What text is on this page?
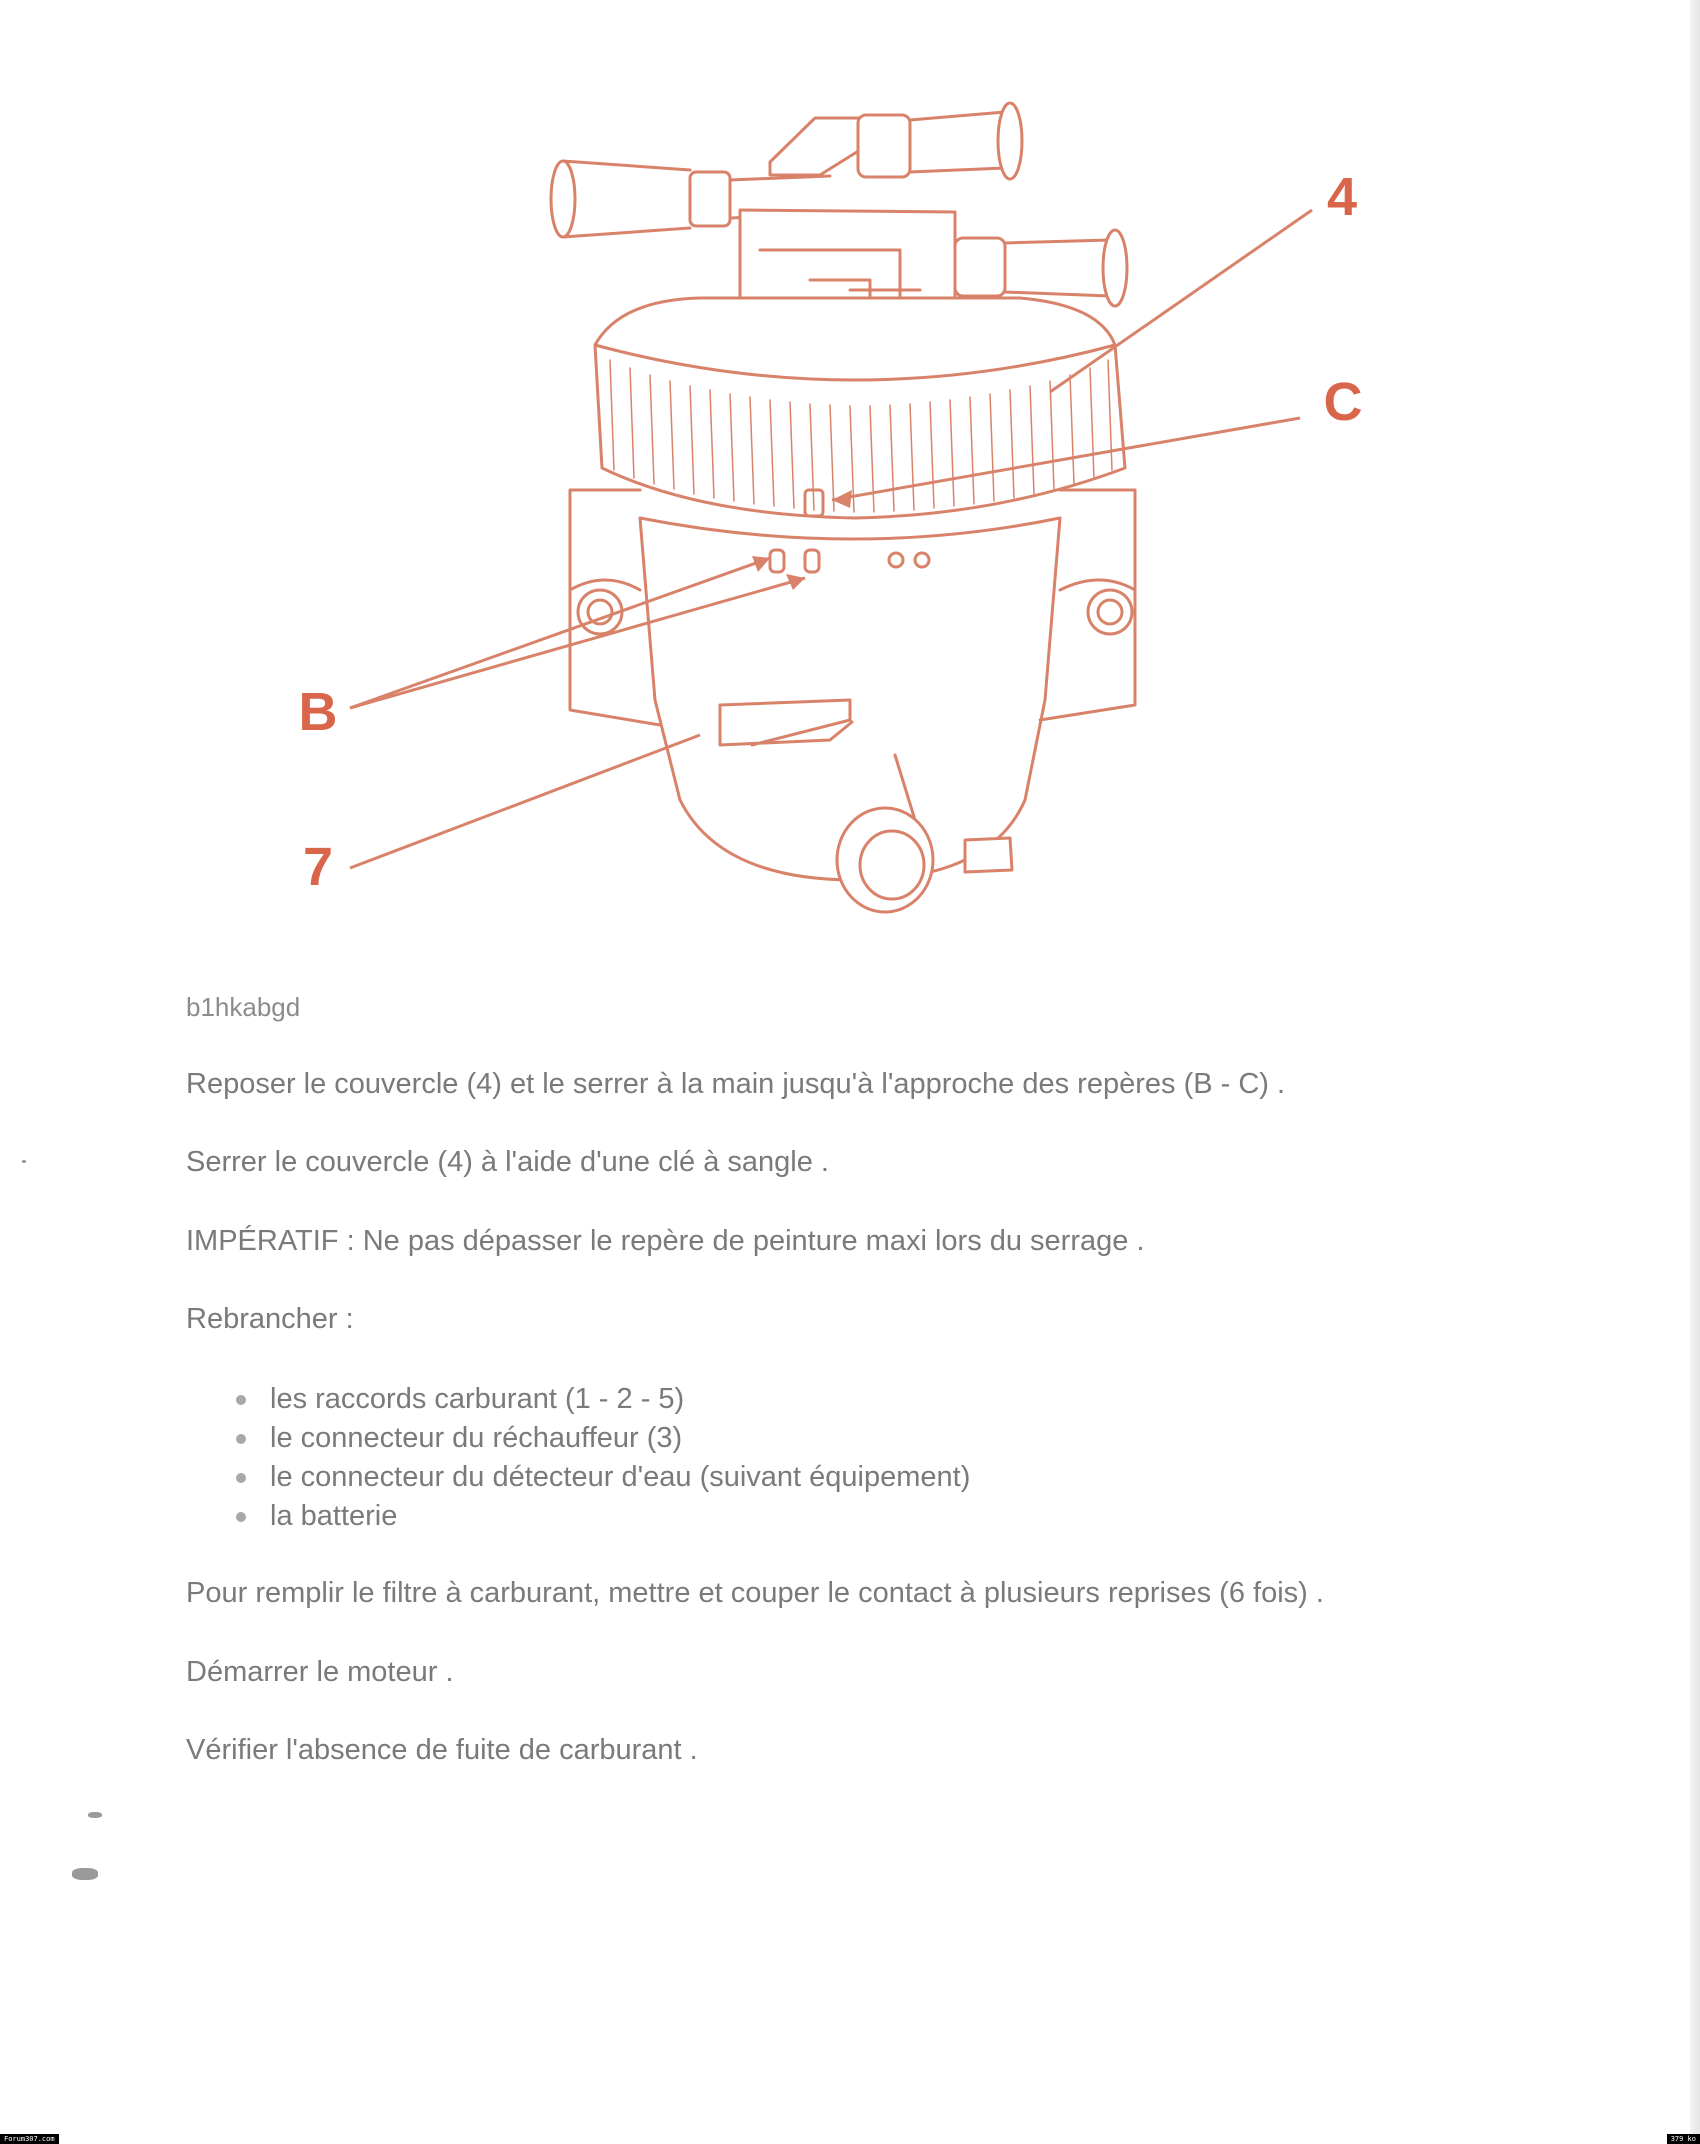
4
C
B
7
b1hkabgd
Reposer le couvercle (4) et le serrer à la main jusqu'à l'approche des repères (B - C) .
Serrer le couvercle (4) à l'aide d'une clé à sangle .
IMPÉRATIF : Ne pas dépasser le repère de peinture maxi lors du serrage .
Rebrancher :
les raccords carburant (1 - 2 - 5)
le connecteur du réchauffeur (3)
le connecteur du détecteur d'eau (suivant équipement)
la batterie
Pour remplir le filtre à carburant, mettre et couper le contact à plusieurs reprises (6 fois) .
Démarrer le moteur .
Vérifier l'absence de fuite de carburant .
Forum307.com	379 ko
